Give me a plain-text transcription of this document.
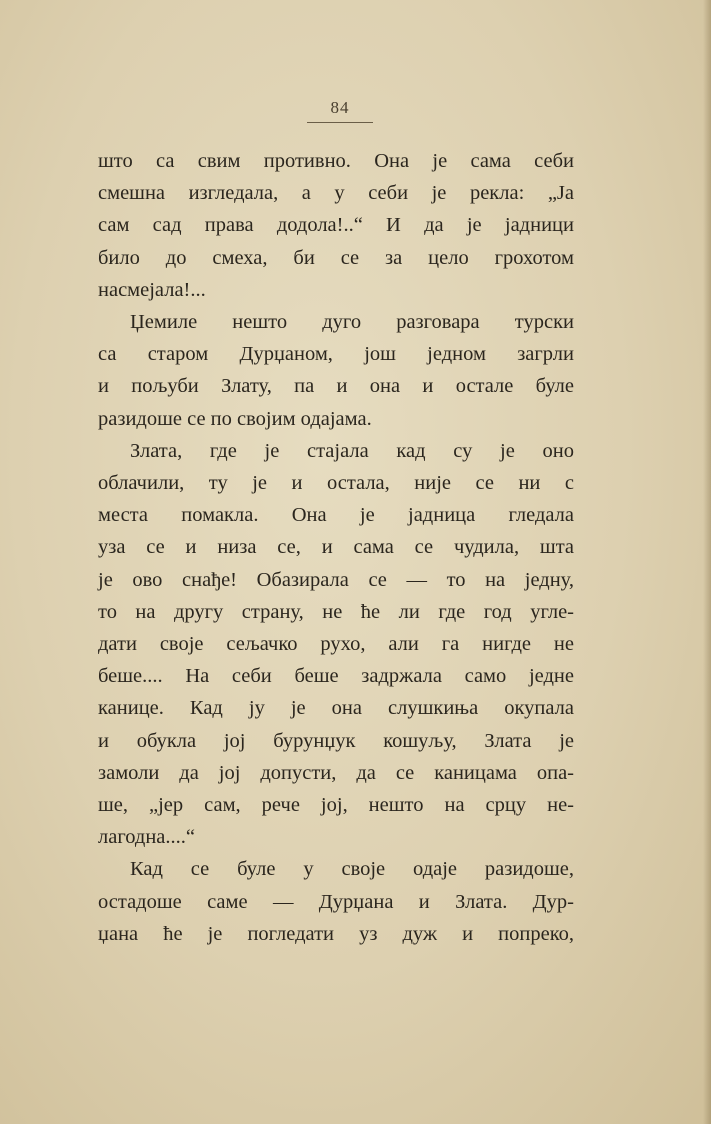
84
што са свим противно. Она је сама себи
смешна изгледала, а у себи је рекла: „Ја
сам сад права додола!..“ И да је јадници
било до смеха, би се за цело грохотом
насмејала!...
Џемиле нешто дуго разговара турски
са старом Дурџаном, још једном загрли
и пољуби Злату, па и она и остале буле
разидоше се по својим одајама.
Злата, где је стајала кад су је оно
облачили, ту је и остала, није се ни с
места помакла. Она је јадница гледала
уза се и низа се, и сама се чудила, шта
је ово снађе! Обазирала се — то на једну,
то на другу страну, не ће ли где год угле-
дати своје сељачко рухо, али га нигде не
беше.... На себи беше задржала само једне
канице. Кад ју је она слушкиња окупала
и обукла јој бурунџук кошуљу, Злата је
замоли да јој допусти, да се каницама опа-
ше, „јер сам, рече јој, нешто на срцу не-
лагодна....“
Кад се буле у своје одаје разидоше,
остадоше саме — Дурџана и Злата. Дур-
џана ће је погледати уз дуж и попреко,
